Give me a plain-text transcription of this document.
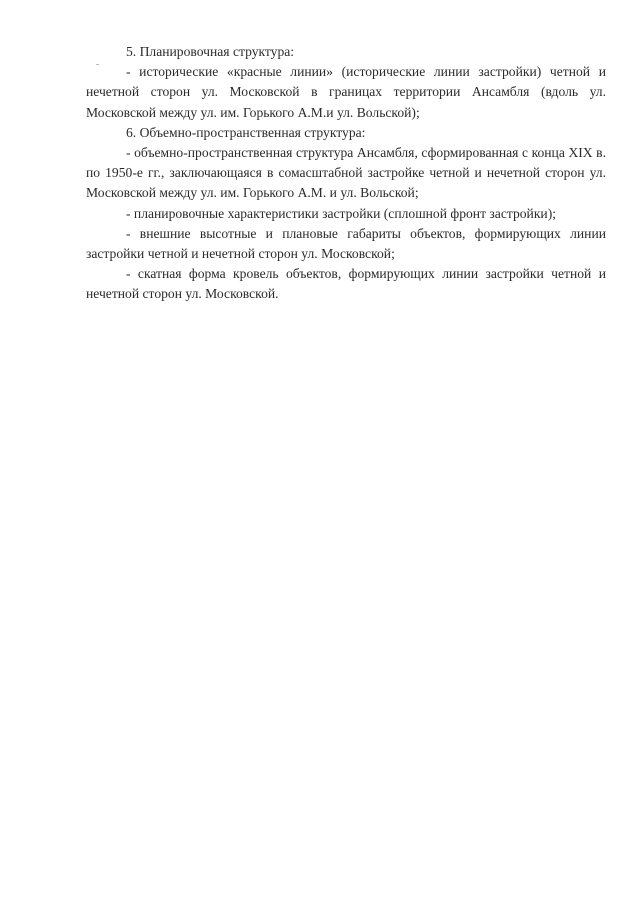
5. Планировочная структура:

- исторические «красные линии» (исторические линии застройки) четной и нечетной сторон ул. Московской в границах территории Ансамбля (вдоль ул. Московской между ул. им. Горького А.М.и ул. Вольской);

6. Объемно-пространственная структура:

- объемно-пространственная структура Ансамбля, сформированная с конца XIX в. по 1950-е гг., заключающаяся в сомасштабной застройке четной и нечетной сторон ул. Московской между ул. им. Горького А.М. и ул. Вольской;

- планировочные характеристики застройки (сплошной фронт застройки);

- внешние высотные и плановые габариты объектов, формирующих линии застройки четной и нечетной сторон ул. Московской;

- скатная форма кровель объектов, формирующих линии застройки четной и нечетной сторон ул. Московской.
